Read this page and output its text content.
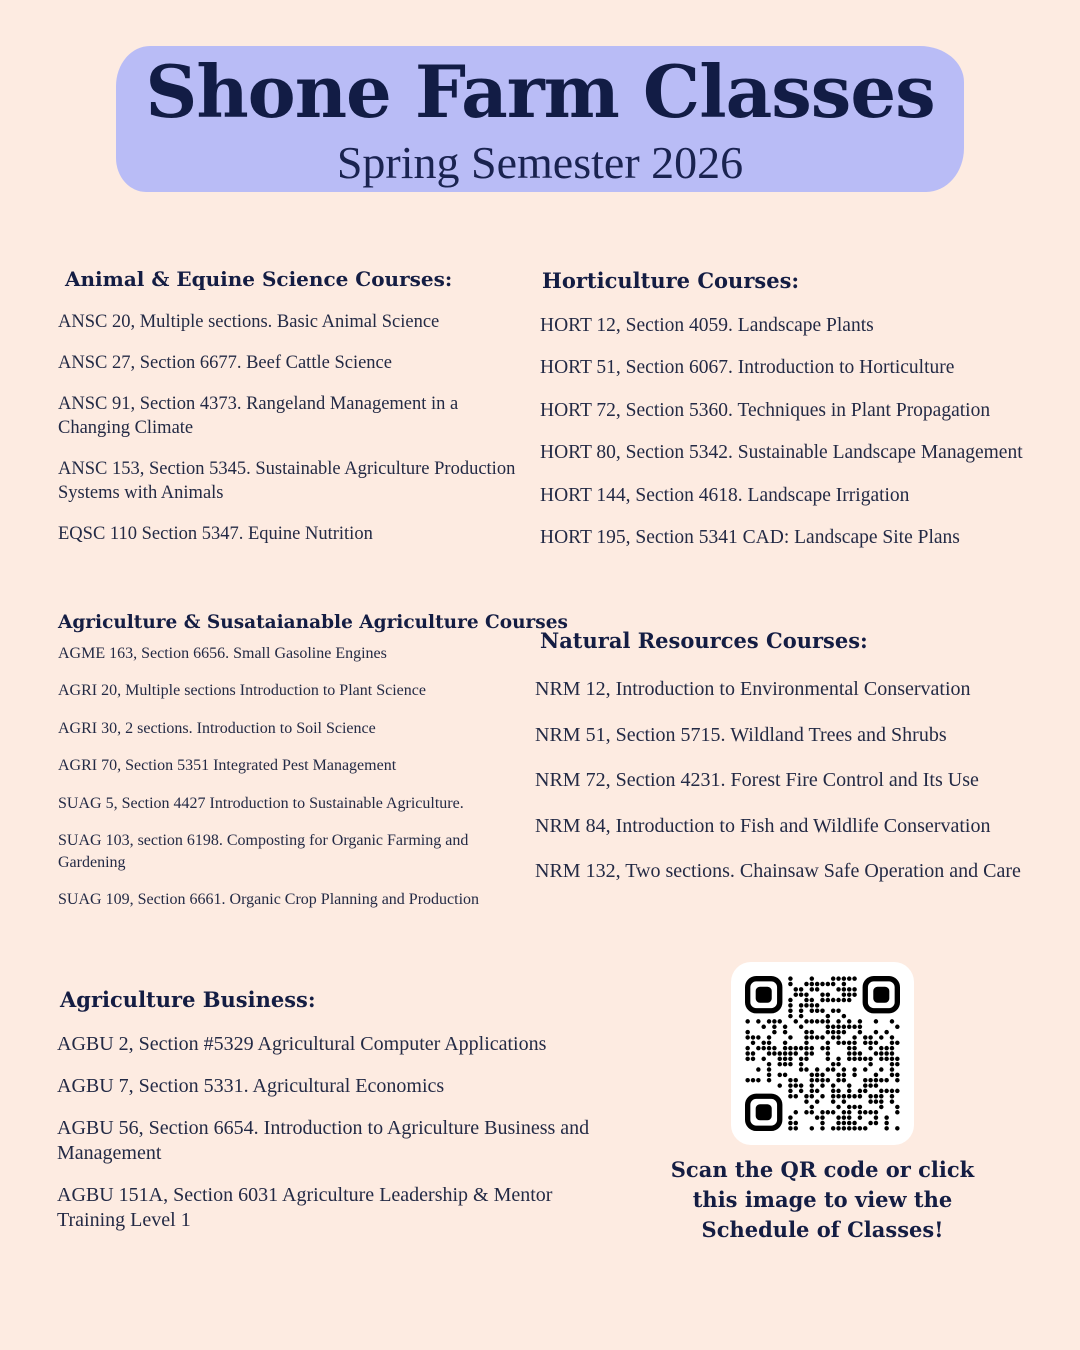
Shone Farm Classes
Spring Semester 2026
Animal & Equine Science Courses:
ANSC 20, Multiple sections. Basic Animal Science
ANSC 27, Section 6677. Beef Cattle Science
ANSC 91, Section 4373. Rangeland Management in a Changing Climate
ANSC 153, Section 5345. Sustainable Agriculture Production Systems with Animals
EQSC 110 Section 5347. Equine Nutrition
Horticulture Courses:
HORT 12, Section 4059. Landscape Plants
HORT 51, Section 6067. Introduction to Horticulture
HORT 72, Section 5360. Techniques in Plant Propagation
HORT 80, Section 5342. Sustainable Landscape Management
HORT 144, Section 4618. Landscape Irrigation
HORT 195, Section 5341 CAD: Landscape Site Plans
Agriculture & Susataianable Agriculture Courses
AGME 163, Section 6656. Small Gasoline Engines
AGRI 20, Multiple sections Introduction to Plant Science
AGRI 30, 2 sections. Introduction to Soil Science
AGRI 70, Section 5351 Integrated Pest Management
SUAG 5, Section 4427 Introduction to Sustainable Agriculture.
SUAG 103, section 6198. Composting for Organic Farming and Gardening
SUAG 109, Section 6661. Organic Crop Planning and Production
Natural Resources Courses:
NRM 12, Introduction to Environmental Conservation
NRM 51, Section 5715. Wildland Trees and Shrubs
NRM 72, Section 4231. Forest Fire Control and Its Use
NRM 84, Introduction to Fish and Wildlife Conservation
NRM 132, Two sections. Chainsaw Safe Operation and Care
Agriculture Business:
AGBU 2, Section #5329 Agricultural Computer Applications
AGBU 7, Section 5331. Agricultural Economics
AGBU 56, Section 6654. Introduction to Agriculture Business and Management
AGBU 151A, Section 6031 Agriculture Leadership & Mentor Training Level 1
Scan the QR code or click this image to view the Schedule of Classes!
